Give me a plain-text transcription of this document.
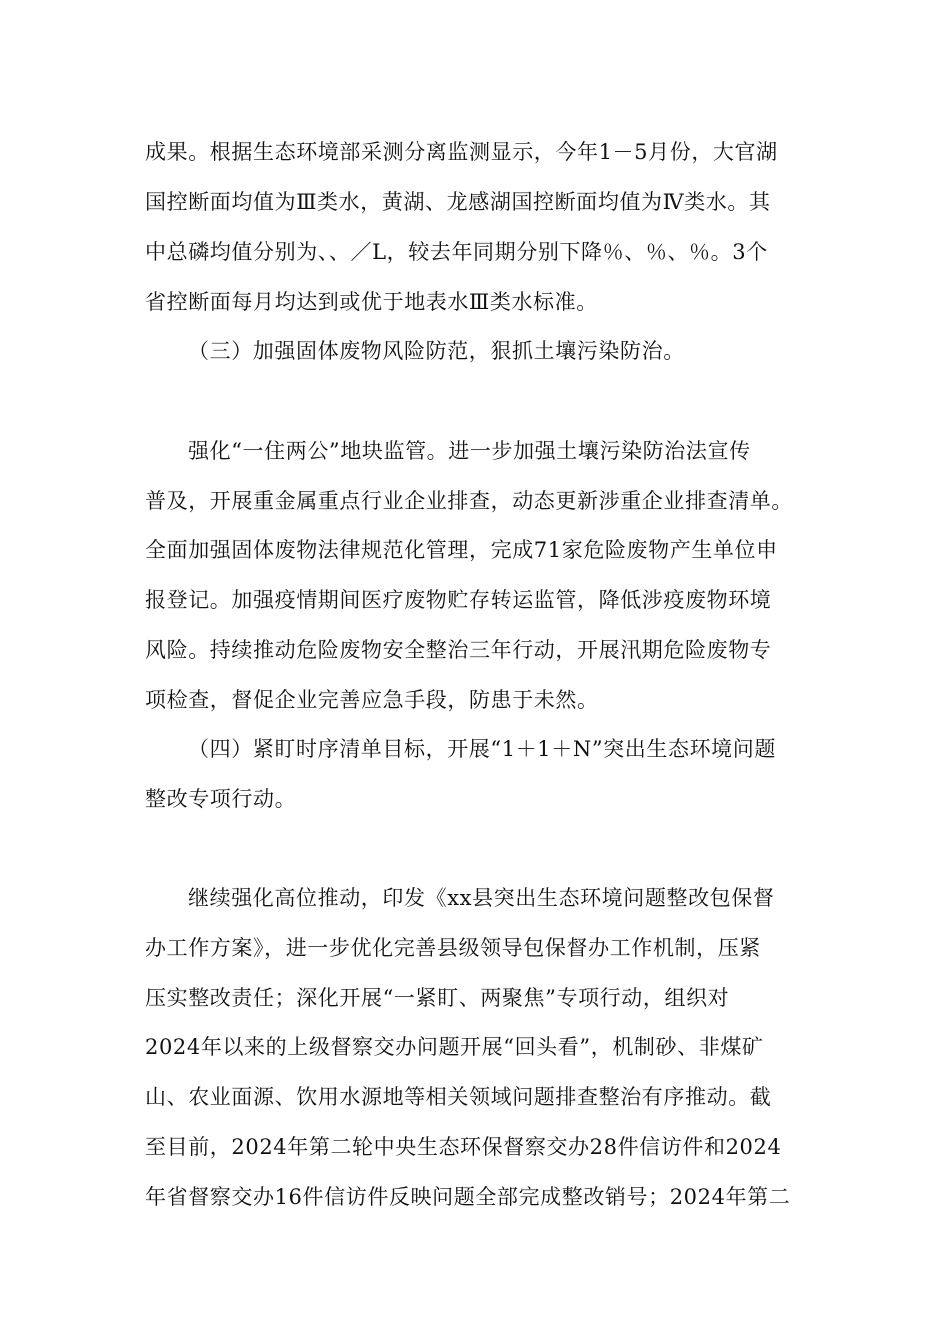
成果。根据生态环境部采测分离监测显示，今年1－5月份，大官湖
国控断面均值为Ⅲ类水，黄湖、龙感湖国控断面均值为Ⅳ类水。其
中总磷均值分别为、、／L，较去年同期分别下降％、％、％。3个
省控断面每月均达到或优于地表水Ⅲ类水标准。
（三）加强固体废物风险防范，狠抓土壤污染防治。
强化“一住两公”地块监管。进一步加强土壤污染防治法宣传
普及，开展重金属重点行业企业排查，动态更新涉重企业排查清单。
全面加强固体废物法律规范化管理，完成71家危险废物产生单位申
报登记。加强疫情期间医疗废物贮存转运监管，降低涉疫废物环境
风险。持续推动危险废物安全整治三年行动，开展汛期危险废物专
项检查，督促企业完善应急手段，防患于未然。
（四）紧盯时序清单目标，开展“1＋1＋N”突出生态环境问题
整改专项行动。
继续强化高位推动，印发《xx县突出生态环境问题整改包保督
办工作方案》，进一步优化完善县级领导包保督办工作机制，压紧
压实整改责任；深化开展“一紧盯、两聚焦”专项行动，组织对
2024年以来的上级督察交办问题开展“回头看”，机制砂、非煤矿
山、农业面源、饮用水源地等相关领域问题排查整治有序推动。截
至目前，2024年第二轮中央生态环保督察交办28件信访件和2024
年省督察交办16件信访件反映问题全部完成整改销号；2024年第二
